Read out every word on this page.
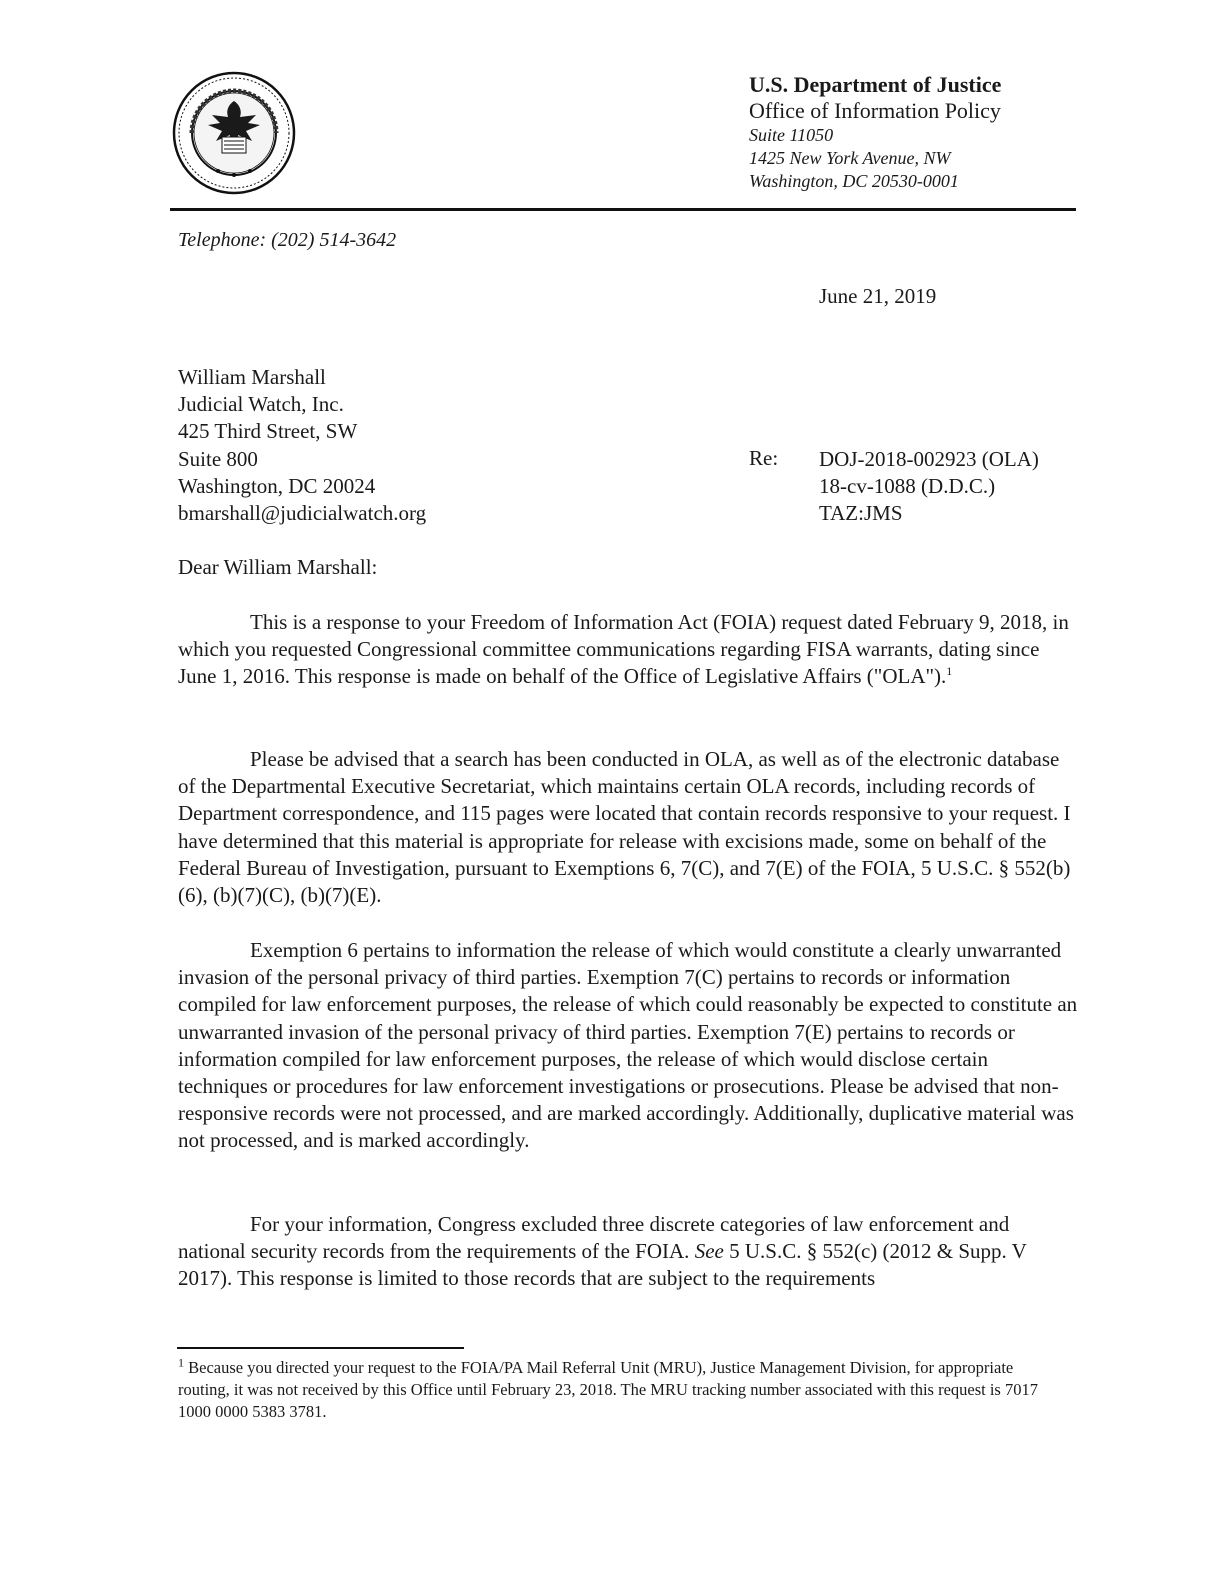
U.S. Department of Justice
Office of Information Policy
Suite 11050
1425 New York Avenue, NW
Washington, DC 20530-0001
Telephone: (202) 514-3642
June 21, 2019
William Marshall
Judicial Watch, Inc.
425 Third Street, SW
Suite 800
Washington, DC 20024
bmarshall@judicialwatch.org
Re: DOJ-2018-002923 (OLA)
18-cv-1088 (D.D.C.)
TAZ:JMS
Dear William Marshall:
This is a response to your Freedom of Information Act (FOIA) request dated February 9, 2018, in which you requested Congressional committee communications regarding FISA warrants, dating since June 1, 2016. This response is made on behalf of the Office of Legislative Affairs ("OLA").$^1$
Please be advised that a search has been conducted in OLA, as well as of the electronic database of the Departmental Executive Secretariat, which maintains certain OLA records, including records of Department correspondence, and 115 pages were located that contain records responsive to your request. I have determined that this material is appropriate for release with excisions made, some on behalf of the Federal Bureau of Investigation, pursuant to Exemptions 6, 7(C), and 7(E) of the FOIA, 5 U.S.C. § 552(b)(6), (b)(7)(C), (b)(7)(E).
Exemption 6 pertains to information the release of which would constitute a clearly unwarranted invasion of the personal privacy of third parties. Exemption 7(C) pertains to records or information compiled for law enforcement purposes, the release of which could reasonably be expected to constitute an unwarranted invasion of the personal privacy of third parties. Exemption 7(E) pertains to records or information compiled for law enforcement purposes, the release of which would disclose certain techniques or procedures for law enforcement investigations or prosecutions. Please be advised that non-responsive records were not processed, and are marked accordingly. Additionally, duplicative material was not processed, and is marked accordingly.
For your information, Congress excluded three discrete categories of law enforcement and national security records from the requirements of the FOIA. See 5 U.S.C. § 552(c) (2012 & Supp. V 2017). This response is limited to those records that are subject to the requirements
$^1$ Because you directed your request to the FOIA/PA Mail Referral Unit (MRU), Justice Management Division, for appropriate routing, it was not received by this Office until February 23, 2018. The MRU tracking number associated with this request is 7017 1000 0000 5383 3781.
